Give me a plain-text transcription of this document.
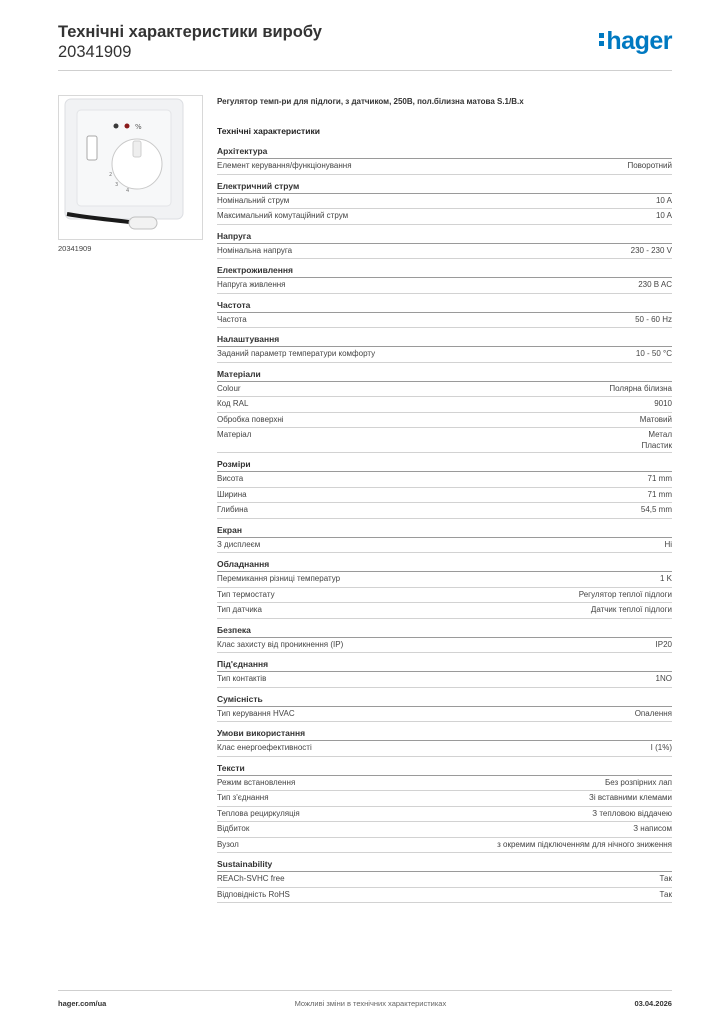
Технічні характеристики виробу
20341909	hager
%
2
3
4
20341909
Регулятор темп-ри для підлоги, з датчиком, 250В, пол.білизна матова S.1/B.x
Технічні характеристики
Архітектура
Елемент керування/функціонування	Поворотний
Електричний струм
Номінальний струм	10 A
Максимальний комутаційний струм	10 A
Напруга
Номінальна напруга	230 - 230 V
Електроживлення
Напруга живлення	230 B AC
Частота
Частота	50 - 60 Hz
Налаштування
Заданий параметр температури комфорту	10 - 50 °C
Матеріали
Colour	Полярна білизна
Код RAL	9010
Обробка поверхні	Матовий
Матеріал	Метал
Пластик
Розміри
Висота	71 mm
Ширина	71 mm
Глибина	54,5 mm
Екран
З дисплеєм	Ні
Обладнання
Перемикання різниці температур	1 K
Тип термостату	Регулятор теплої підлоги
Тип датчика	Датчик теплої підлоги
Безпека
Клас захисту від проникнення (IP)	IP20
Під'єднання
Тип контактів	1NO
Сумісність
Тип керування HVAC	Опалення
Умови використання
Клас енергоефективності	I (1%)
Тексти
Режим встановлення	Без розпірних лап
Тип з'єднання	Зі вставними клемами
Теплова рециркуляція	З тепловою віддачею
Відбиток	З написом
Вузол	з окремим підключенням для нічного зниження
Sustainability
REACh-SVHC free	Так
Відповідність RoHS	Так
hager.com/ua	Можливі зміни в технічних характеристиках	03.04.2026
